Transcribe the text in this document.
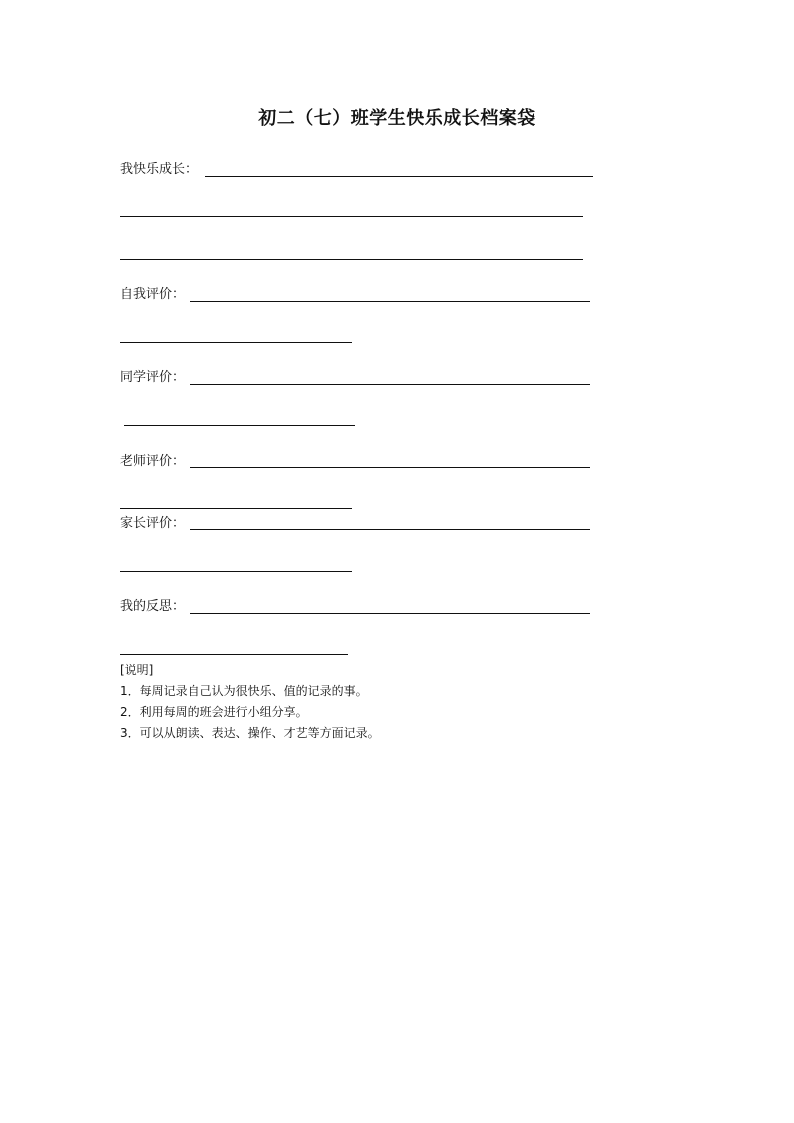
初二（七）班学生快乐成长档案袋
我快乐成长：
自我评价：
同学评价：
老师评价：
家长评价：
我的反思：
[说明]
1．每周记录自己认为很快乐、值的记录的事。
2．利用每周的班会进行小组分享。
3．可以从朗读、表达、操作、才艺等方面记录。
